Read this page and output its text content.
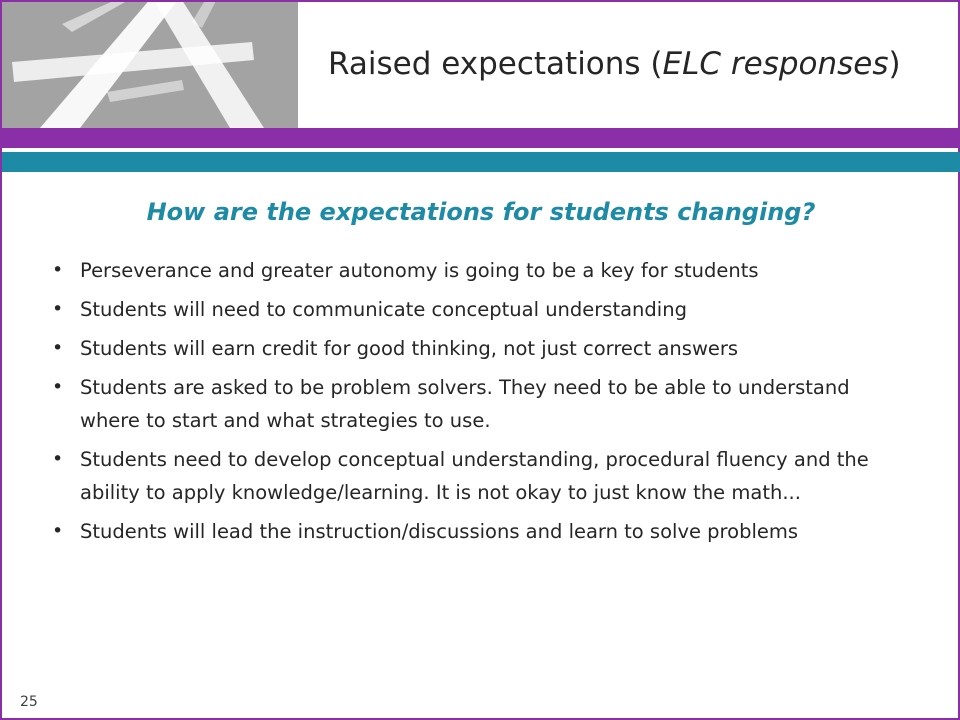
Raised expectations (ELC responses)
How are the expectations for students changing?
• Perseverance and greater autonomy is going to be a key for students
• Students will need to communicate conceptual understanding
• Students will earn credit for good thinking, not just correct answers
• Students are asked to be problem solvers. They need to be able to understand where to start and what strategies to use.
• Students need to develop conceptual understanding, procedural fluency and the ability to apply knowledge/learning. It is not okay to just know the math...
• Students will lead the instruction/discussions and learn to solve problems
25
